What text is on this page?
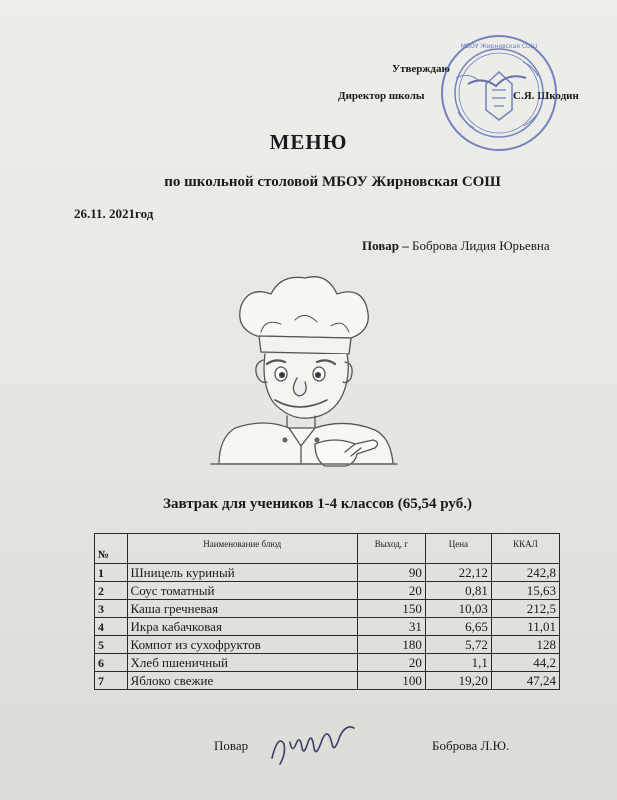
Утверждаю
Директор школы	С.Я. Шкодин
МБОУ Жирновская СОШ
МЕНЮ
по школьной столовой МБОУ Жирновская СОШ
26.11. 2021год
Повар – Боброва Лидия Юрьевна
Завтрак для учеников 1-4 классов (65,54 руб.)
№	Наименование блюд	Выход, г	Цена	ККАЛ
1	Шницель куриный	90	22,12	242,8
2	Соус томатный	20	0,81	15,63
3	Каша гречневая	150	10,03	212,5
4	Икра кабачковая	31	6,65	11,01
5	Компот из сухофруктов	180	5,72	128
6	Хлеб пшеничный	20	1,1	44,2
7	Яблоко свежие	100	19,20	47,24
Повар	Боброва Л.Ю.
